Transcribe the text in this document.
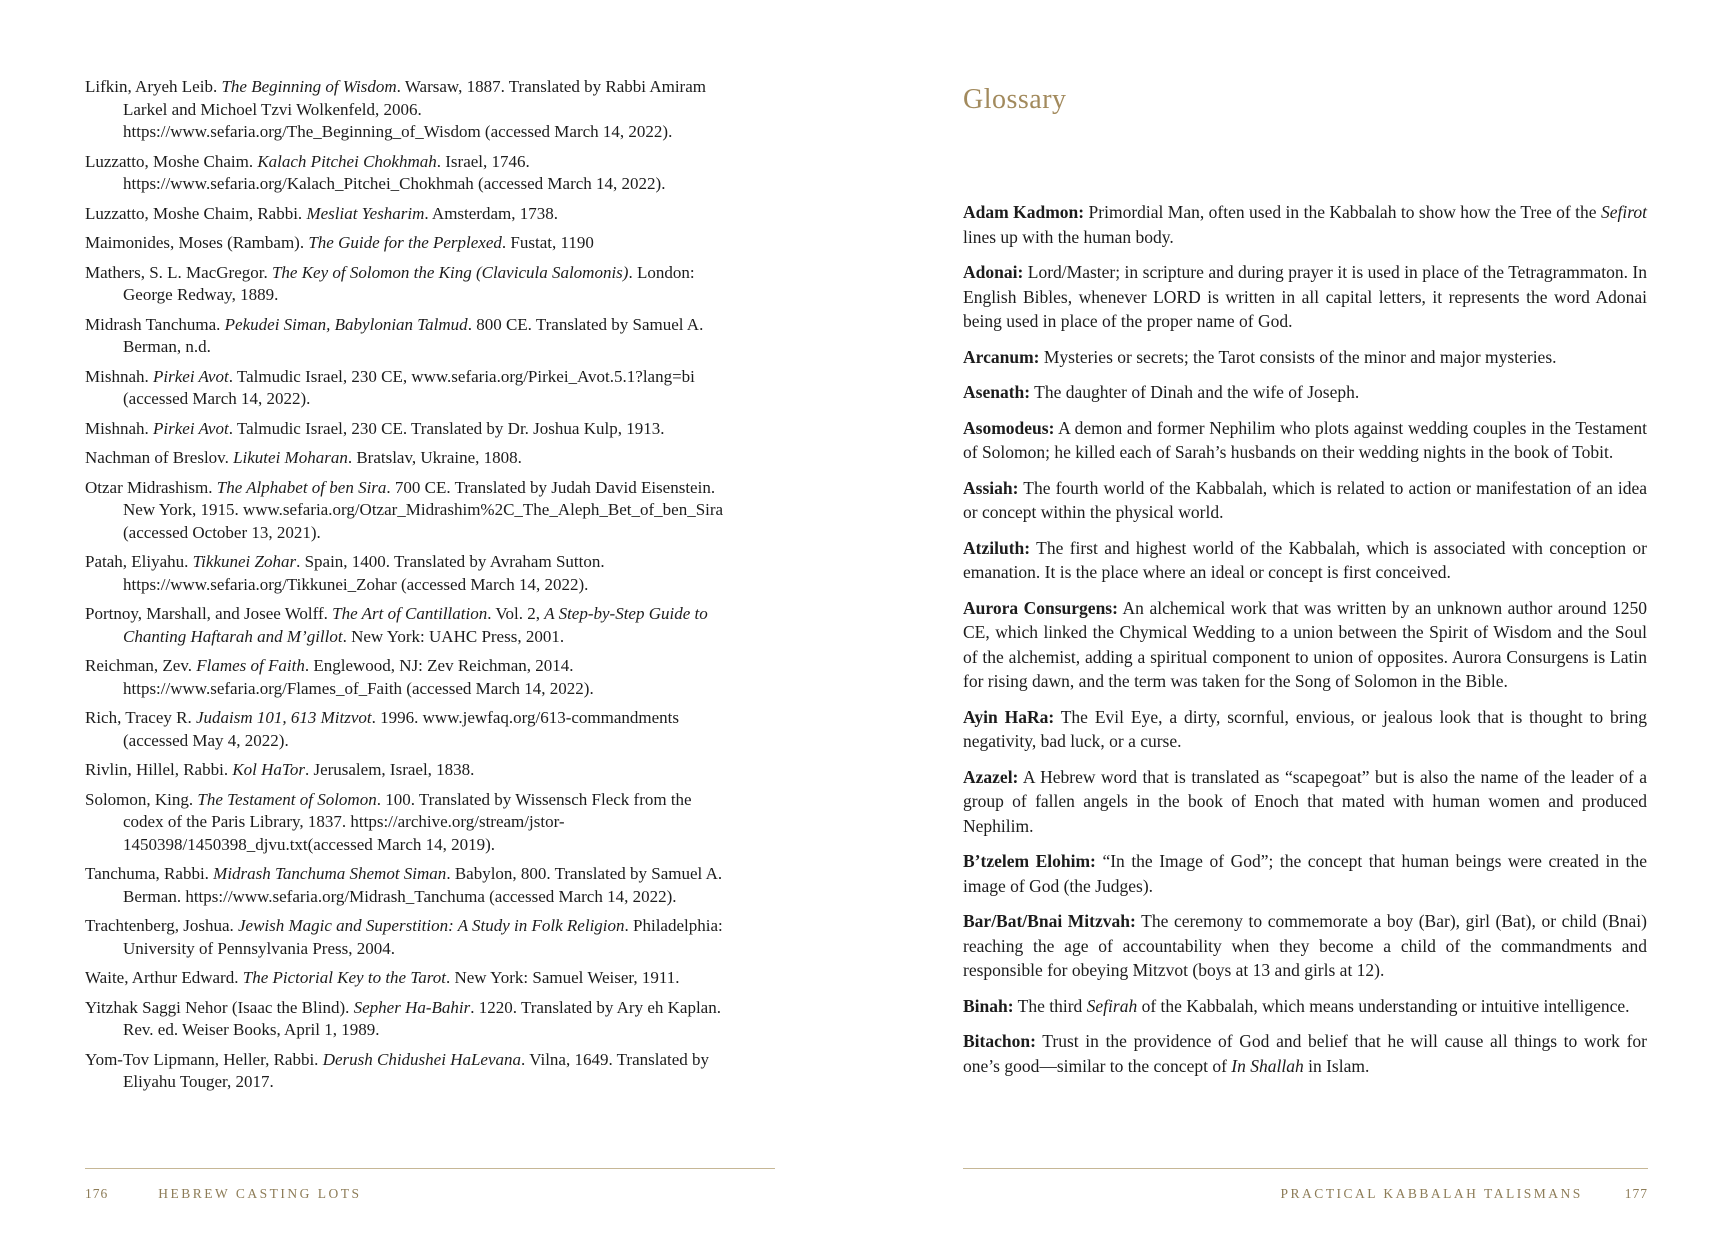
Lifkin, Aryeh Leib. The Beginning of Wisdom. Warsaw, 1887. Translated by Rabbi Amiram Larkel and Michoel Tzvi Wolkenfeld, 2006. https://www.sefaria.org/The_Beginning_of_Wisdom (accessed March 14, 2022).

Luzzatto, Moshe Chaim. Kalach Pitchei Chokhmah. Israel, 1746. https://www.sefaria.org/Kalach_Pitchei_Chokhmah (accessed March 14, 2022).

Luzzatto, Moshe Chaim, Rabbi. Mesliat Yesharim. Amsterdam, 1738.

Maimonides, Moses (Rambam). The Guide for the Perplexed. Fustat, 1190

Mathers, S. L. MacGregor. The Key of Solomon the King (Clavicula Salomonis). London: George Redway, 1889.

Midrash Tanchuma. Pekudei Siman, Babylonian Talmud. 800 CE. Translated by Samuel A. Berman, n.d.

Mishnah. Pirkei Avot. Talmudic Israel, 230 CE, www.sefaria.org/Pirkei_Avot.5.1?lang=bi (accessed March 14, 2022).

Mishnah. Pirkei Avot. Talmudic Israel, 230 CE. Translated by Dr. Joshua Kulp, 1913.

Nachman of Breslov. Likutei Moharan. Bratslav, Ukraine, 1808.

Otzar Midrashism. The Alphabet of ben Sira. 700 CE. Translated by Judah David Eisenstein. New York, 1915. www.sefaria.org/Otzar_Midrashim%2C_The_Aleph_Bet_of_ben_Sira (accessed October 13, 2021).

Patah, Eliyahu. Tikkunei Zohar. Spain, 1400. Translated by Avraham Sutton. https://www.sefaria.org/Tikkunei_Zohar (accessed March 14, 2022).

Portnoy, Marshall, and Josee Wolff. The Art of Cantillation. Vol. 2, A Step-by-Step Guide to Chanting Haftarah and M’gillot. New York: UAHC Press, 2001.

Reichman, Zev. Flames of Faith. Englewood, NJ: Zev Reichman, 2014. https://www.sefaria.org/Flames_of_Faith (accessed March 14, 2022).

Rich, Tracey R. Judaism 101, 613 Mitzvot. 1996. www.jewfaq.org/613-commandments (accessed May 4, 2022).

Rivlin, Hillel, Rabbi. Kol HaTor. Jerusalem, Israel, 1838.

Solomon, King. The Testament of Solomon. 100. Translated by Wissensch Fleck from the codex of the Paris Library, 1837. https://archive.org/stream/jstor-1450398/1450398_djvu.txt(accessed March 14, 2019).

Tanchuma, Rabbi. Midrash Tanchuma Shemot Siman. Babylon, 800. Translated by Samuel A. Berman. https://www.sefaria.org/Midrash_Tanchuma (accessed March 14, 2022).

Trachtenberg, Joshua. Jewish Magic and Superstition: A Study in Folk Religion. Philadelphia: University of Pennsylvania Press, 2004.

Waite, Arthur Edward. The Pictorial Key to the Tarot. New York: Samuel Weiser, 1911.

Yitzhak Saggi Nehor (Isaac the Blind). Sepher Ha-Bahir. 1220. Translated by Ary eh Kaplan. Rev. ed. Weiser Books, April 1, 1989.

Yom-Tov Lipmann, Heller, Rabbi. Derush Chidushei HaLevana. Vilna, 1649. Translated by Eliyahu Touger, 2017.

Glossary

Adam Kadmon: Primordial Man, often used in the Kabbalah to show how the Tree of the Sefirot lines up with the human body.

Adonai: Lord/Master; in scripture and during prayer it is used in place of the Tetragrammaton. In English Bibles, whenever LORD is written in all capital letters, it represents the word Adonai being used in place of the proper name of God.

Arcanum: Mysteries or secrets; the Tarot consists of the minor and major mysteries.

Asenath: The daughter of Dinah and the wife of Joseph.

Asomodeus: A demon and former Nephilim who plots against wedding couples in the Testament of Solomon; he killed each of Sarah’s husbands on their wedding nights in the book of Tobit.

Assiah: The fourth world of the Kabbalah, which is related to action or manifestation of an idea or concept within the physical world.

Atziluth: The first and highest world of the Kabbalah, which is associated with conception or emanation. It is the place where an ideal or concept is first conceived.

Aurora Consurgens: An alchemical work that was written by an unknown author around 1250 CE, which linked the Chymical Wedding to a union between the Spirit of Wisdom and the Soul of the alchemist, adding a spiritual component to union of opposites. Aurora Consurgens is Latin for rising dawn, and the term was taken for the Song of Solomon in the Bible.

Ayin HaRa: The Evil Eye, a dirty, scornful, envious, or jealous look that is thought to bring negativity, bad luck, or a curse.

Azazel: A Hebrew word that is translated as “scapegoat” but is also the name of the leader of a group of fallen angels in the book of Enoch that mated with human women and produced Nephilim.

B’tzelem Elohim: “In the Image of God”; the concept that human beings were created in the image of God (the Judges).

Bar/Bat/Bnai Mitzvah: The ceremony to commemorate a boy (Bar), girl (Bat), or child (Bnai) reaching the age of accountability when they become a child of the commandments and responsible for obeying Mitzvot (boys at 13 and girls at 12).

Binah: The third Sefirah of the Kabbalah, which means understanding or intuitive intelligence.

Bitachon: Trust in the providence of God and belief that he will cause all things to work for one’s good—similar to the concept of In Shallah in Islam.

176	HEBREW CASTING LOTS	PRACTICAL KABBALAH TALISMANS	177
